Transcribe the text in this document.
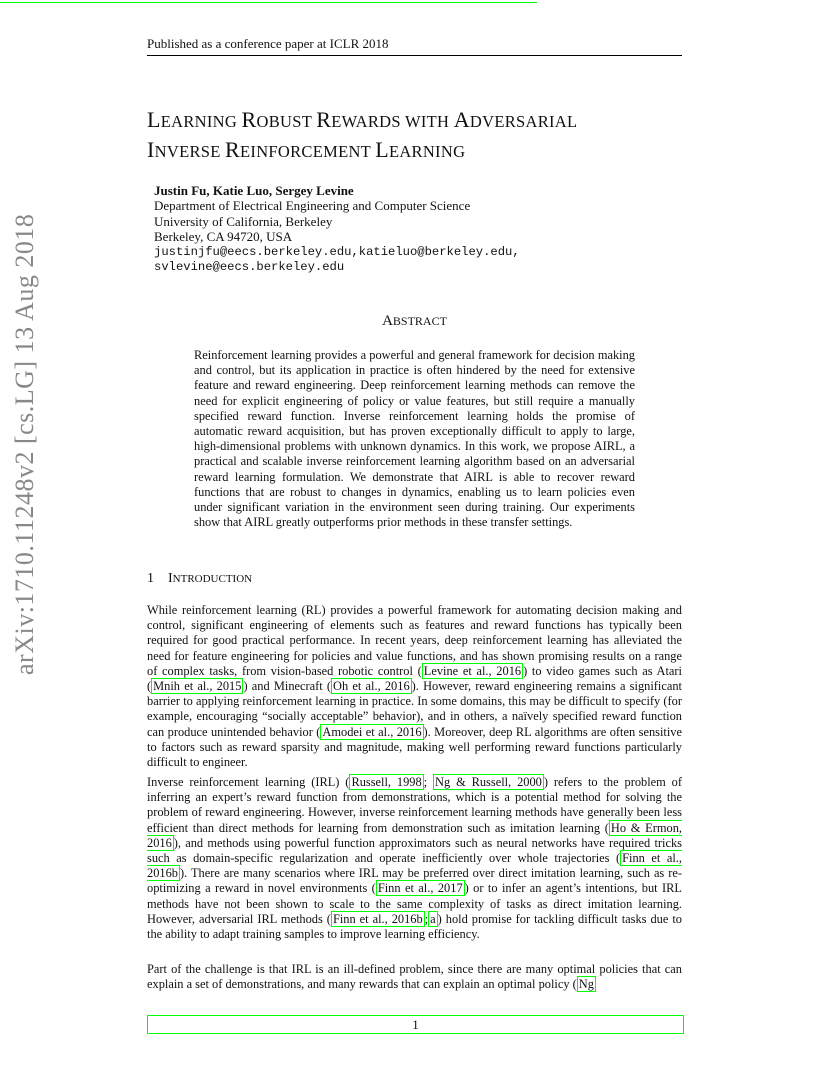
Published as a conference paper at ICLR 2018
LEARNING ROBUST REWARDS WITH ADVERSARIAL
INVERSE REINFORCEMENT LEARNING
Justin Fu, Katie Luo, Sergey Levine
Department of Electrical Engineering and Computer Science
University of California, Berkeley
Berkeley, CA 94720, USA
justinjfu@eecs.berkeley.edu,katieluo@berkeley.edu,
svlevine@eecs.berkeley.edu
arXiv:1710.11248v2 [cs.LG] 13 Aug 2018	ABSTRACT
Reinforcement learning provides a powerful and general framework for decision making and control, but its application in practice is often hindered by the need for extensive feature and reward engineering. Deep reinforcement learning methods can remove the need for explicit engineering of policy or value features, but still require a manually specified reward function. Inverse reinforcement learning holds the promise of automatic reward acquisition, but has proven exceptionally difficult to apply to large, high-dimensional problems with unknown dynamics. In this work, we propose AIRL, a practical and scalable inverse reinforcement learning algorithm based on an adversarial reward learning formulation. We demonstrate that AIRL is able to recover reward functions that are robust to changes in dynamics, enabling us to learn policies even under significant variation in the environment seen during training. Our experiments show that AIRL greatly outperforms prior methods in these transfer settings.
1 INTRODUCTION
While reinforcement learning (RL) provides a powerful framework for automating decision making and control, significant engineering of elements such as features and reward functions has typically been required for good practical performance. In recent years, deep reinforcement learning has alleviated the need for feature engineering for policies and value functions, and has shown promising results on a range of complex tasks, from vision-based robotic control ( Levine et al., 2016 ) to video games such as Atari ( Mnih et al., 2015 ) and Minecraft ( Oh et al., 2016 ). However, reward engineering remains a significant barrier to applying reinforcement learning in practice. In some domains, this may be difficult to specify (for example, encouraging “socially acceptable” behavior), and in others, a naïvely specified reward function can produce unintended behavior ( Amodei et al., 2016 ). Moreover, deep RL algorithms are often sensitive to factors such as reward sparsity and magnitude, making well performing reward functions particularly difficult to engineer.
Inverse reinforcement learning (IRL) ( Russell, 1998 ; Ng & Russell, 2000 ) refers to the problem of inferring an expert’s reward function from demonstrations, which is a potential method for solving the problem of reward engineering. However, inverse reinforcement learning methods have generally been less efficient than direct methods for learning from demonstration such as imitation learning ( Ho & Ermon, 2016 ), and methods using powerful function approximators such as neural networks have required tricks such as domain-specific regularization and operate inefficiently over whole trajectories ( Finn et al., 2016b ). There are many scenarios where IRL may be preferred over direct imitation learning, such as re-optimizing a reward in novel environments ( Finn et al., 2017 ) or to infer an agent’s intentions, but IRL methods have not been shown to scale to the same complexity of tasks as direct imitation learning. However, adversarial IRL methods ( Finn et al., 2016b ; a ) hold promise for tackling difficult tasks due to the ability to adapt training samples to improve learning efficiency.
Part of the challenge is that IRL is an ill-defined problem, since there are many optimal policies that can explain a set of demonstrations, and many rewards that can explain an optimal policy ( Ng
1
